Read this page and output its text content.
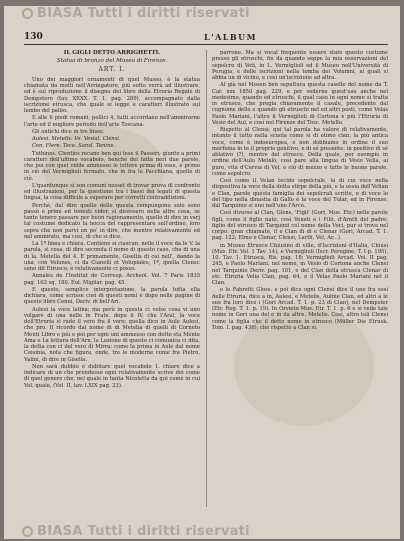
BIASA Tutti i diritti riservati
130	L'ALBUM
IL GIGLI DETTO ARRIGHETTI.
Statua di bronzo del Museo di Firenze.
ART. I.

Uno dei maggiori ornamenti di quel Museo, è la statua chiamata da molti nell'Arringatore, più sotto verrà ad illustrare, ed è sul riproduzione il disegno del libro della Etruria Regale di Dempstero (tav. XXXX. T. 1. pag. 289), accompagnato dalla iscrizione etrusca, che quale si legge e caratteri illustrato sul lembo del pallio.

E alle 6 piedi romani, pollici 4, tutti accordano nell'ammirarne l'arte ed il migliore periodo dell'arte Toscana.

Gli antichi dice in tre linee:

Aulesi. Metelis. Ve. Vesial. Clensi.

Cen. Flere. Tece. Sansl. Tenine.

Tuthines. Clenties recano ben qui tese il Passeri; giunto a primi caratteri dell'ultimo vocabolo, benchè dei fatta neri due parole, che poi con quei vidde ammesso le lettere prima di esse, e primo in ciò del Vermiglioli fermato. che in fra le Pacchiana, quelle di ciò.

L'quantunque si son comuni nesset di trovar prova di confronto ed illustrazioni, per la questione tra i bassi dei legati di questa lingua, la cosa difficile a superare per corretti contraddizioni.

Perchè, dal dire quello delle questa compungono solo sono passò e primi ed tenesti vider, si dicessero nella altre cosa, se tanto tenero passare per buon ragionamento, quello di dire in varj tal costume dedicato la bocca del rappresentare sull'ordine, loro sopra che non parvi un po' in dire, che mentre relativamente ed nel ammirato, ma così, di che si dice.

La 1ª linea e chiara. Contiene si ciascun: nelle il voce da le V. la parola, si cosa, di dire seconda il nome di questo caso, che di una di la. Metella del 4. E primamente, Gisellis di cai nell', dando la una, con Velunes, ci da Cianelli et Volupiales, 1ª, quella Clensi: sono dit Etrusco, e relativamente ci posso.

Annales de l'Institut de Corresp. Archeol. Vol. 7 Paris 1835 pag. 163 sq. 180. Eol. Migliar. pag. 45.

E questo, semplice interpretazione, la parola tutta ella dichiara, come scrisse così di questi nomi e dopo nelle pagine di questo libro Cenni, Deriv. di bell'Ari.

Aulesi la voce latina; ma però in questa ci volse cosa vi uno volgare di una nelle in Frate. dopo il IV, che l'Aral, la voce dell'Etruria si rado il vero fra il vero; quella dico in Aule Aulesi, che pro. Il ricordo dal nome di di Metelia di quelli di Corneto Menti Libro e più e poi per ogni uni ammesso con detto sta Mente Ama e La lettura dell'Arn, la Lezione di questo ci comunica ci dita, la detta con ci del vero di Mirra: come la prima in Aule dal nome Ceisinia, nota che figura, onde, tre le moderne come fra Pietro, Valini, di dire in Gisella.

Non sarà dubbio e dubitare quel vocabolo 1. chiaro dice a indicare di un che prendesso ogni relativamente scrive dei come di quel genere che, nel quale in tanta Nicoletta da qui come in cui Vol. quale, (Vol. II, tav. LXIX pag. 23).

parrone. Ma si vocal frequente essere stato questo costume presso gli etruschi, fin da quando seppe la mia osservazioni del sepolcro di Veti, in L. Vermiglioli ed il Museo nell'Università di Perugia, e delle iscrizioni nella tomba dei Volumni, ai quali si abbia un di vicino, e così un'iscrizione ad altra.

Al già nel Mosen ben sepultura questa caselle del nome da T. Car. xxx 1850 pag. 229, e per vederne quest'uso anche nel medesimo, quando ed etruschi, il qual caso in ogni nome si tratta in etrusco, che pregia chiaramente il casale, precedente dal cognome dello e quando gli etruschi nel ed altri posti, come Velas Paolo Mariani, l'altro il Vermiglioli di Cortona e più l'Etruria di Vesio del Aul, e così nel Firenze del Tosc. Metello.

Rispetto al Clensi, qui tal parola ha valore di relativamente, intanto il tutto nella scuola come si di etimo clan, la più antica voce, come è indoeuropea, e non dobbiamo in ordine il suo morfema in te il proprio genitivo, e di sé presente, in positivo di sé ablativo (?), mentre del etrusco. Della quale, per esempio in ordine dell'Aulo Metelo, così pare alla lingua di Vesio Velia, ai pure, vita d'Cervia di Vel, e ciò di mezzo e tutte le buone parole, come sepolcro.

Così come il Velan tecido sepolcrale, la di cui voce nella dispositiva la voce della detta stirpe della più, e la ossia dell'Velian e Clan, parole questa famiglia dei sepolcrali scritte, e di voce lo del tipo nella dinastia di Gallo e la voce del Tular, ed in Firenze, dal Tarquinio si uno nell'uno l'Arco.

Così diverso al Clan, Glens, 'Figli' (Gori, Mus. Etr.) nelle parole figli, come il figlio nato, così Veneti e i Filii, d'Arnth del padre; figlio del etrusco di Tarquinii col nome della Voci, pur si trova nel corpo: gran chiamate, il e Clan di di e Clenar (Gori, Arcad. T. 1. pag. 122; Elmo e Clenar, Clensi, Larth, Vel, Ar...).

in Museo Etrusco Chiusino di ville, d'Iscrizioni d'Italia, Chiusi (Mus. Etr. Vol. 1 Tav. 14), e Vermiglioli (Iscr. Perugine, T. I p. 195), 10. Tav. 1. Etrusca, Ris. pag. 18; Vermiglioli Arcad. Vol. II pag. 245, e Paolo Mariani, nel nome, in Vesio di Cortona anche Clensi nel Tarquinio Deriv. pag. 101, e del Clan della etrusca Clenar di etc. Etruria Velia Clan, pag. 64, e il Velas Paolo Mariani nel il Clan.

e lo Fabretti Gloss. e poi dice ogni Clensi dice il uno fra essi delle Etruria, dice a in, Aulesi, e Metelis, Aulnie Clan, ed altri a le sue fra loro dice i (Gori Arcad. T. 1. p. 23 di Clan), nel Dempster (Etr. Reg. T. 1. p. 19). In Orvieto Mus. Etr. T. 1. p. 6 e si vede tale nome in Gori una del e in da altre. Metelis. Così, altro tali Clensi come la figlia che il detto nome in etrusco (Müller Die Etrusk. Tom. I. pag. 436), che rispetto a Clan si.

BIASA Tutti i diritti riservati
